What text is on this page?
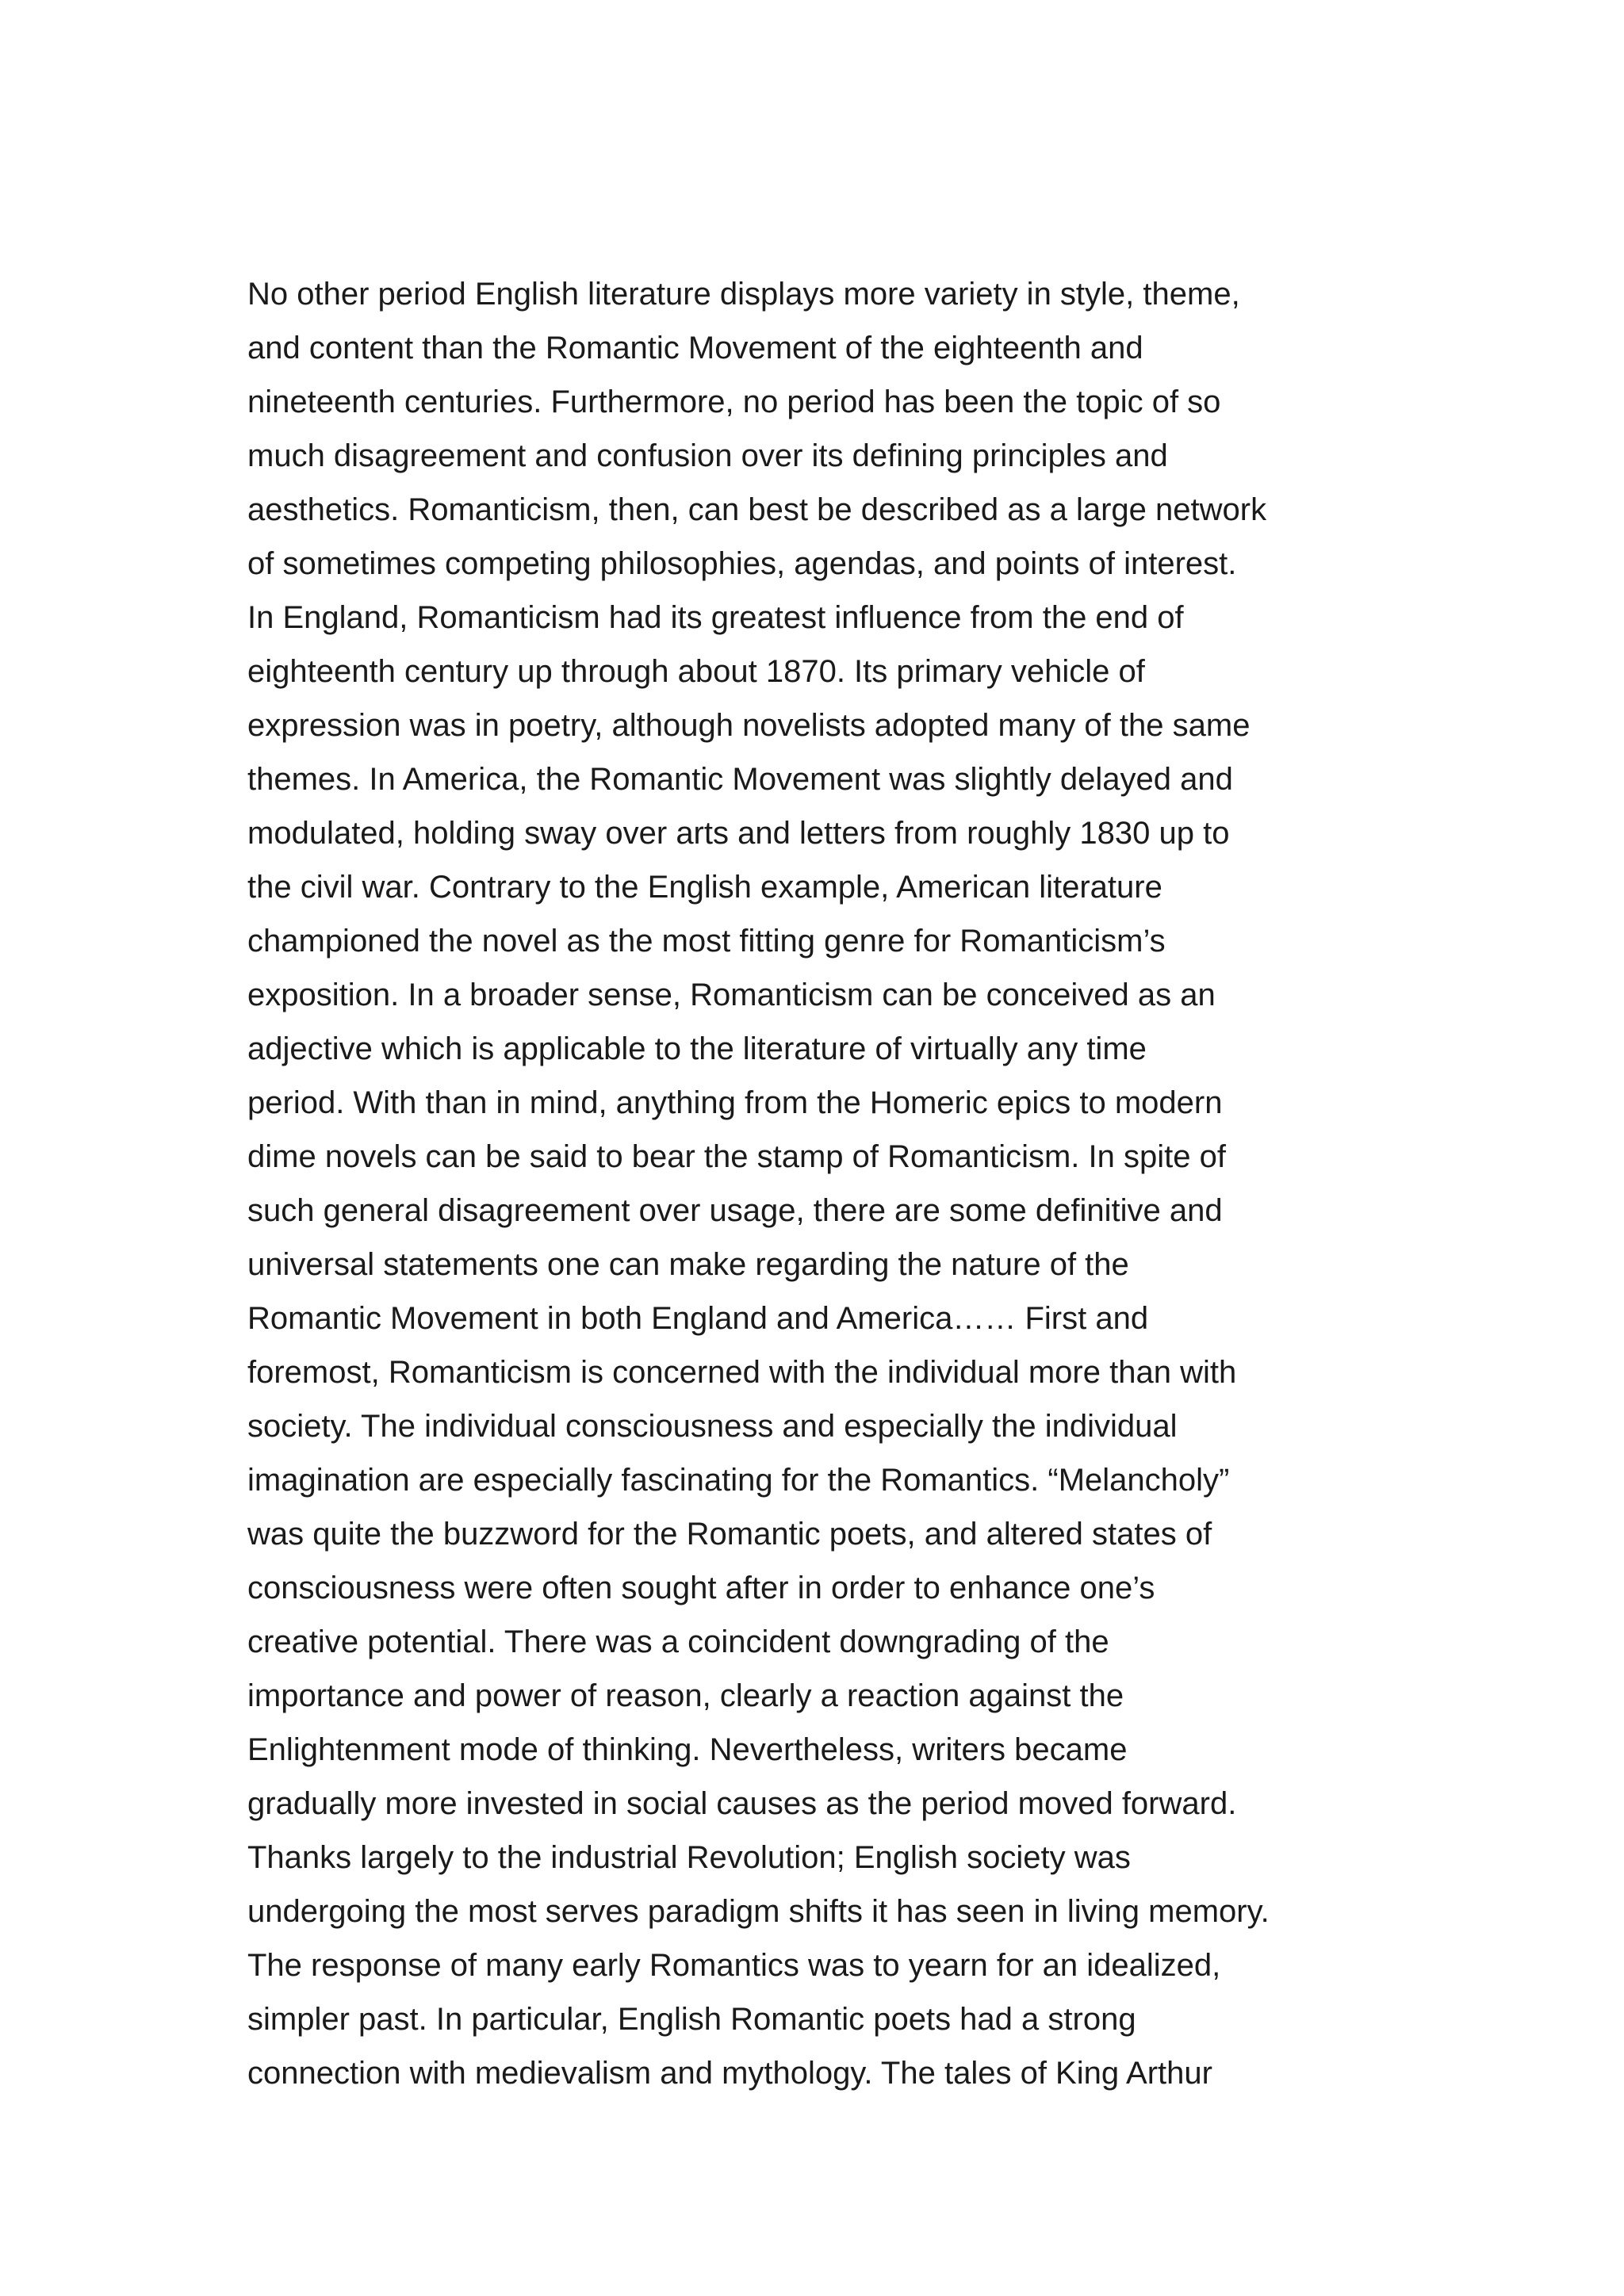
No other period English literature displays more variety in style, theme,
and content than the Romantic Movement of the eighteenth and
nineteenth centuries. Furthermore, no period has been the topic of so
much disagreement and confusion over its defining principles and
aesthetics. Romanticism, then, can best be described as a large network
of sometimes competing philosophies, agendas, and points of interest.
In England, Romanticism had its greatest influence from the end of
eighteenth century up through about 1870. Its primary vehicle of
expression was in poetry, although novelists adopted many of the same
themes. In America, the Romantic Movement was slightly delayed and
modulated, holding sway over arts and letters from roughly 1830 up to
the civil war. Contrary to the English example, American literature
championed the novel as the most fitting genre for Romanticism’s
exposition. In a broader sense, Romanticism can be conceived as an
adjective which is applicable to the literature of virtually any time
period. With than in mind, anything from the Homeric epics to modern
dime novels can be said to bear the stamp of Romanticism. In spite of
such general disagreement over usage, there are some definitive and
universal statements one can make regarding the nature of the
Romantic Movement in both England and America…… First and
foremost, Romanticism is concerned with the individual more than with
society. The individual consciousness and especially the individual
imagination are especially fascinating for the Romantics. “Melancholy”
was quite the buzzword for the Romantic poets, and altered states of
consciousness were often sought after in order to enhance one’s
creative potential. There was a coincident downgrading of the
importance and power of reason, clearly a reaction against the
Enlightenment mode of thinking. Nevertheless, writers became
gradually more invested in social causes as the period moved forward.
Thanks largely to the industrial Revolution; English society was
undergoing the most serves paradigm shifts it has seen in living memory.
The response of many early Romantics was to yearn for an idealized,
simpler past. In particular, English Romantic poets had a strong
connection with medievalism and mythology. The tales of King Arthur
